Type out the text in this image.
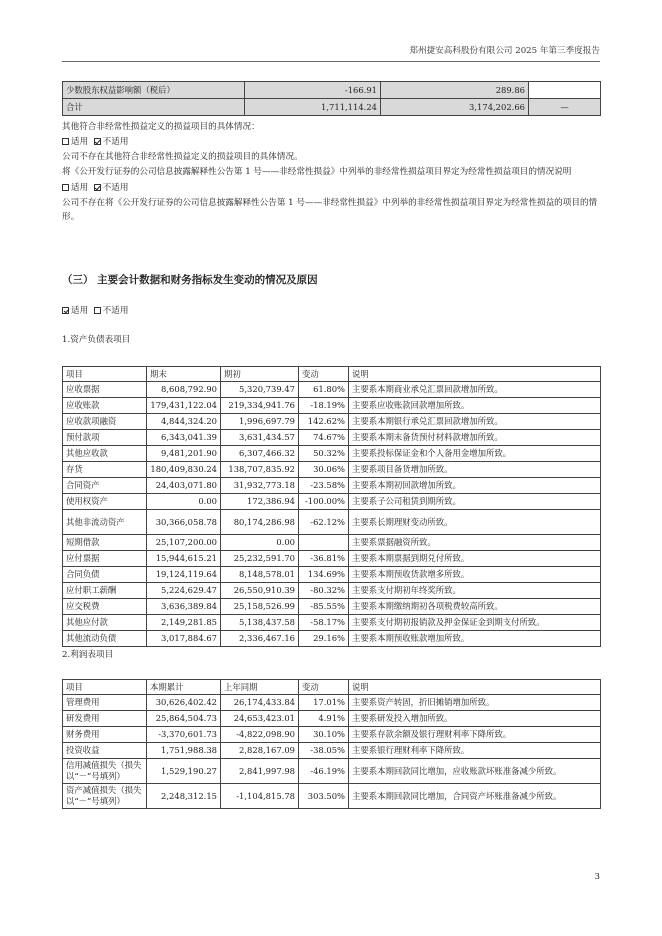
郑州捷安高科股份有限公司 2025 年第三季度报告
少数股东权益影响额（税后）	-166.91	289.86	
合计	1,711,114.24	3,174,202.66	—
其他符合非经常性损益定义的损益项目的具体情况：
适用 不适用
公司不存在其他符合非经常性损益定义的损益项目的具体情况。
将《公开发行证券的公司信息披露解释性公告第 1 号——非经常性损益》中列举的非经常性损益项目界定为经常性损益项目的情况说明
适用 不适用
公司不存在将《公开发行证券的公司信息披露解释性公告第 1 号——非经常性损益》中列举的非经常性损益项目界定为经常性损益的项目的情形。
（三） 主要会计数据和财务指标发生变动的情况及原因
适用 不适用
1.资产负债表项目
项目	期末	期初	变动	说明
应收票据	8,608,792.90	5,320,739.47	61.80%	主要系本期商业承兑汇票回款增加所致。
应收账款	179,431,122.04	219,334,941.76	-18.19%	主要系应收账款回款增加所致。
应收款项融资	4,844,324.20	1,996,697.79	142.62%	主要系本期银行承兑汇票回款增加所致。
预付款项	6,343,041.39	3,631,434.57	74.67%	主要系本期末备货预付材料款增加所致。
其他应收款	9,481,201.90	6,307,466.32	50.32%	主要系投标保证金和个人备用金增加所致。
存货	180,409,830.24	138,707,835.92	30.06%	主要系项目备货增加所致。
合同资产	24,403,071.80	31,932,773.18	-23.58%	主要系本期初回款增加所致。
使用权资产	0.00	172,386.94	-100.00%	主要系子公司租赁到期所致。
其他非流动资产	30,366,058.78	80,174,286.98	-62.12%	主要系长期理财变动所致。
短期借款	25,107,200.00	0.00		主要系票据融资所致。
应付票据	15,944,615.21	25,232,591.70	-36.81%	主要系本期票据到期兑付所致。
合同负债	19,124,119.64	8,148,578.01	134.69%	主要系本期预收货款增多所致。
应付职工薪酬	5,224,629.47	26,550,910.39	-80.32%	主要系支付期初年终奖所致。
应交税费	3,636,389.84	25,158,526.99	-85.55%	主要系本期缴纳期初各项税费较高所致。
其他应付款	2,149,281.85	5,138,437.58	-58.17%	主要系支付期初报销款及押金保证金到期支付所致。
其他流动负债	3,017,884.67	2,336,467.16	29.16%	主要系本期预收账款增加所致。
2.利润表项目
项目	本期累计	上年同期	变动	说明
管理费用	30,626,402.42	26,174,433.84	17.01%	主要系资产转固，折旧摊销增加所致。
研发费用	25,864,504.73	24,653,423.01	4.91%	主要系研发投入增加所致。
财务费用	-3,370,601.73	-4,822,098.90	30.10%	主要系存款余额及银行理财利率下降所致。
投资收益	1,751,988.38	2,828,167.09	-38.05%	主要系银行理财利率下降所致。
信用减值损失（损失以“－”号填列）	1,529,190.27	2,841,997.98	-46.19%	主要系本期回款同比增加，应收账款坏账准备减少所致。
资产减值损失（损失以“－”号填列）	2,248,312.15	-1,104,815.78	303.50%	主要系本期回款同比增加，合同资产坏账准备减少所致。
3
